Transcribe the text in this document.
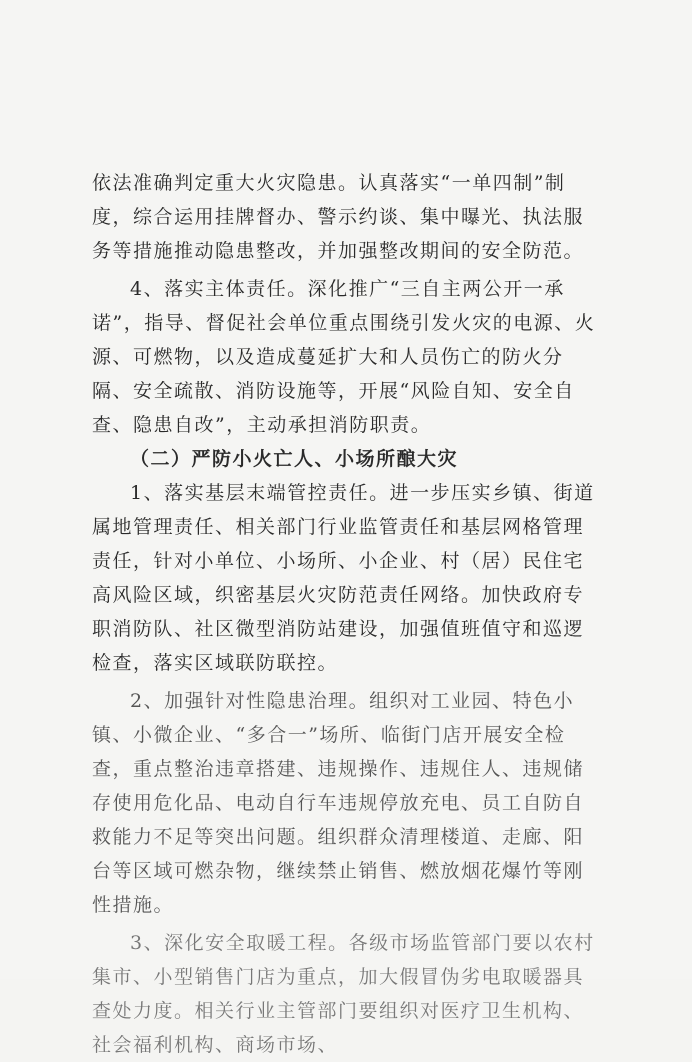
依法准确判定重大火灾隐患。认真落实“一单四制”制度，综合运用挂牌督办、警示约谈、集中曝光、执法服务等措施推动隐患整改，并加强整改期间的安全防范。

4、落实主体责任。深化推广“三自主两公开一承诺”，指导、督促社会单位重点围绕引发火灾的电源、火源、可燃物，以及造成蔓延扩大和人员伤亡的防火分隔、安全疏散、消防设施等，开展“风险自知、安全自查、隐患自改”，主动承担消防职责。

（二）严防小火亡人、小场所酿大灾

1、落实基层末端管控责任。进一步压实乡镇、街道属地管理责任、相关部门行业监管责任和基层网格管理责任，针对小单位、小场所、小企业、村（居）民住宅高风险区域，织密基层火灾防范责任网络。加快政府专职消防队、社区微型消防站建设，加强值班值守和巡逻检查，落实区域联防联控。

2、加强针对性隐患治理。组织对工业园、特色小镇、小微企业、“多合一”场所、临街门店开展安全检查，重点整治违章搭建、违规操作、违规住人、违规储存使用危化品、电动自行车违规停放充电、员工自防自救能力不足等突出问题。组织群众清理楼道、走廊、阳台等区域可燃杂物，继续禁止销售、燃放烟花爆竹等刚性措施。

3、深化安全取暖工程。各级市场监管部门要以农村集市、小型销售门店为重点，加大假冒伪劣电取暖器具查处力度。相关行业主管部门要组织对医疗卫生机构、社会福利机构、商场市场、
